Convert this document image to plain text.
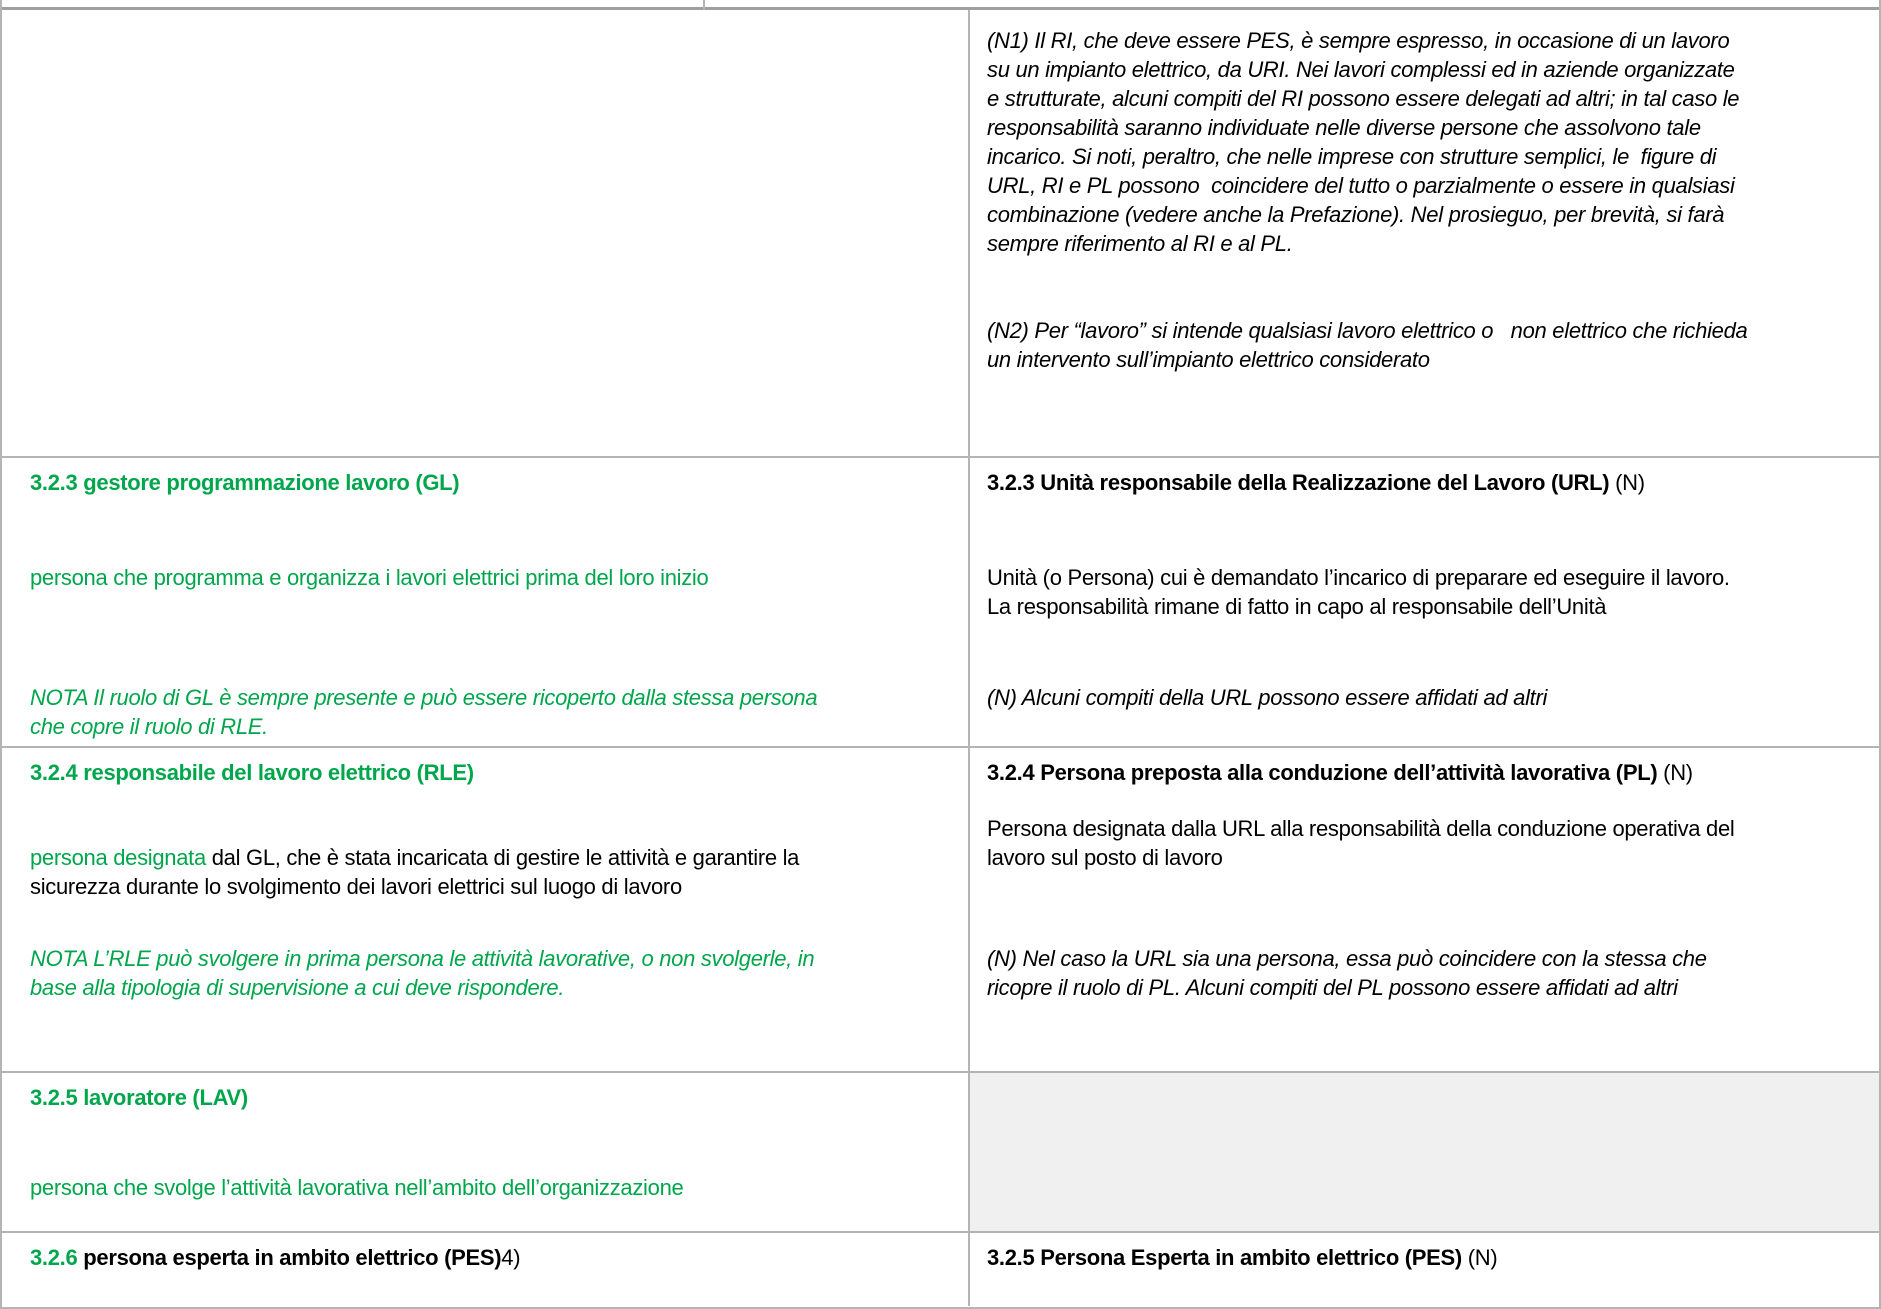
(N1) Il RI, che deve essere PES, è sempre espresso, in occasione di un lavoro su un impianto elettrico, da URI. Nei lavori complessi ed in aziende organizzate e strutturate, alcuni compiti del RI possono essere delegati ad altri; in tal caso le responsabilità saranno individuate nelle diverse persone che assolvono tale incarico. Si noti, peraltro, che nelle imprese con strutture semplici, le  figure di URL, RI e PL possono  coincidere del tutto o parzialmente o essere in qualsiasi combinazione (vedere anche la Prefazione). Nel prosieguo, per brevità, si farà sempre riferimento al RI e al PL.

(N2) Per “lavoro” si intende qualsiasi lavoro elettrico o   non elettrico che richieda un intervento sull’impianto elettrico considerato

3.2.3 gestore programmazione lavoro (GL)

persona che programma e organizza i lavori elettrici prima del loro inizio

NOTA Il ruolo di GL è sempre presente e può essere ricoperto dalla stessa persona che copre il ruolo di RLE.

3.2.3 Unità responsabile della Realizzazione del Lavoro (URL) (N)

Unità (o Persona) cui è demandato l’incarico di preparare ed eseguire il lavoro. La responsabilità rimane di fatto in capo al responsabile dell’Unità

(N) Alcuni compiti della URL possono essere affidati ad altri

3.2.4 responsabile del lavoro elettrico (RLE)

persona designata dal GL, che è stata incaricata di gestire le attività e garantire la sicurezza durante lo svolgimento dei lavori elettrici sul luogo di lavoro

NOTA L’RLE può svolgere in prima persona le attività lavorative, o non svolgerle, in base alla tipologia di supervisione a cui deve rispondere.

3.2.4 Persona preposta alla conduzione dell’attività lavorativa (PL) (N)

Persona designata dalla URL alla responsabilità della conduzione operativa del lavoro sul posto di lavoro

(N) Nel caso la URL sia una persona, essa può coincidere con la stessa che ricopre il ruolo di PL. Alcuni compiti del PL possono essere affidati ad altri

3.2.5 lavoratore (LAV)

persona che svolge l’attività lavorativa nell’ambito dell’organizzazione

3.2.6 persona esperta in ambito elettrico (PES)4)	3.2.5 Persona Esperta in ambito elettrico (PES) (N)
